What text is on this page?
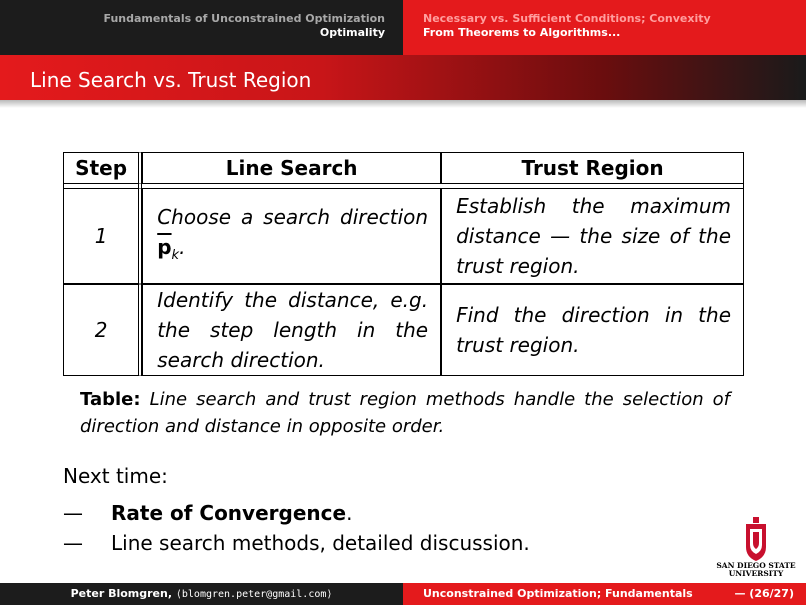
Fundamentals of Unconstrained Optimization
Optimality
Necessary vs. Sufficient Conditions; Convexity
From Theorems to Algorithms...
Line Search vs. Trust Region
Step	Line Search	Trust Region

1	Choose a search direction $\overline{p}_k$.	Establish the maximum distance — the size of the trust region.
2	Identify the distance, e.g. the step length in the search direction.	Find the direction in the trust region.
Table: Line search and trust region methods handle the selection of direction and distance in opposite order.
Next time:
— Rate of Convergence.
— Line search methods, detailed discussion.
SAN DIEGO STATE
UNIVERSITY
Peter Blomgren, ⟨blomgren.peter@gmail.com⟩	Unconstrained Optimization; Fundamentals	— (26/27)
